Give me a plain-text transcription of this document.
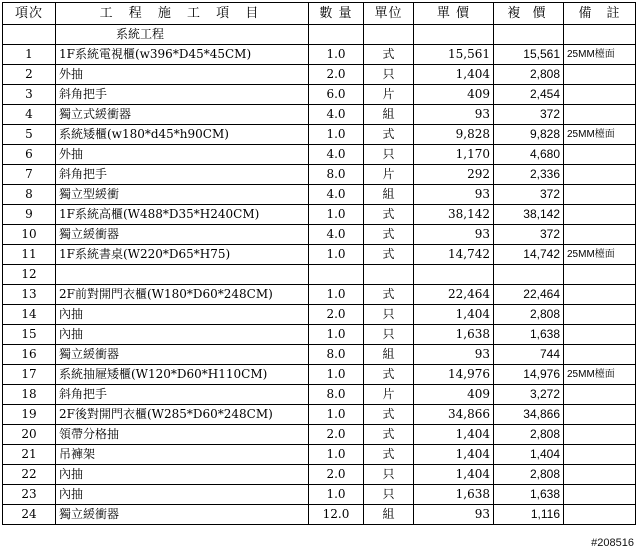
項次	工 程 施 工 項 目	數 量	單位	單 價	複 價	備　註
	系統工程					
1	1F系統電視櫃(w396*D45*45CM)	1.0	式	15,561	15,561	25MM檯面
2	外抽	2.0	只	1,404	2,808	
3	斜角把手	6.0	片	409	2,454	
4	獨立式緩衝器	4.0	組	93	372	
5	系統矮櫃(w180*d45*h90CM)	1.0	式	9,828	9,828	25MM檯面
6	外抽	4.0	只	1,170	4,680	
7	斜角把手	8.0	片	292	2,336	
8	獨立型緩衝	4.0	組	93	372	
9	1F系統高櫃(W488*D35*H240CM)	1.0	式	38,142	38,142	
10	獨立緩衝器	4.0	式	93	372	
11	1F系統書桌(W220*D65*H75)	1.0	式	14,742	14,742	25MM檯面
12						
13	2F前對開門衣櫃(W180*D60*248CM)	1.0	式	22,464	22,464	
14	內抽	2.0	只	1,404	2,808	
15	內抽	1.0	只	1,638	1,638	
16	獨立緩衝器	8.0	組	93	744	
17	系統抽屜矮櫃(W120*D60*H110CM)	1.0	式	14,976	14,976	25MM檯面
18	斜角把手	8.0	片	409	3,272	
19	2F後對開門衣櫃(W285*D60*248CM)	1.0	式	34,866	34,866	
20	領帶分格抽	2.0	式	1,404	2,808	
21	吊褲架	1.0	式	1,404	1,404	
22	內抽	2.0	只	1,404	2,808	
23	內抽	1.0	只	1,638	1,638	
24	獨立緩衝器	12.0	組	93	1,116	
#208516
